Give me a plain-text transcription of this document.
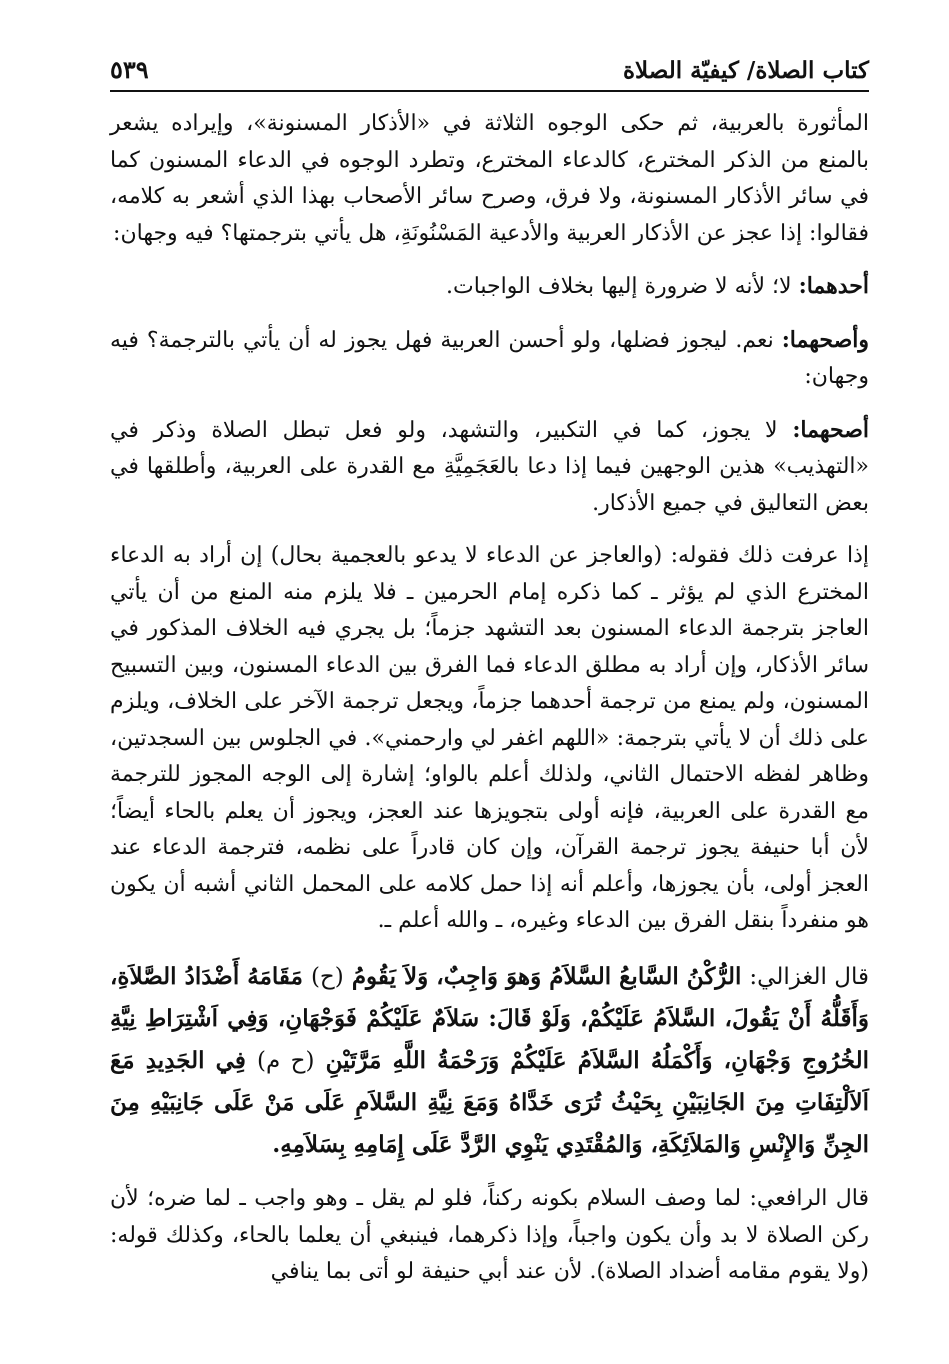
كتاب الصلاة/ كيفيّة الصلاة
٥٣٩

المأثورة بالعربية، ثم حكى الوجوه الثلاثة في «الأذكار المسنونة»، وإيراده يشعر بالمنع من الذكر المخترع، كالدعاء المخترع، وتطرد الوجوه في الدعاء المسنون كما في سائر الأذكار المسنونة، ولا فرق، وصرح سائر الأصحاب بهذا الذي أشعر به كلامه، فقالوا: إذا عجز عن الأذكار العربية والأدعية المَسْنُونَةِ، هل يأتي بترجمتها؟ فيه وجهان:

أحدهما: لا؛ لأنه لا ضرورة إليها بخلاف الواجبات.

وأصحهما: نعم. ليجوز فضلها، ولو أحسن العربية فهل يجوز له أن يأتي بالترجمة؟ فيه وجهان:

أصحهما: لا يجوز، كما في التكبير، والتشهد، ولو فعل تبطل الصلاة وذكر في «التهذيب» هذين الوجهين فيما إذا دعا بالعَجَمِيَّةِ مع القدرة على العربية، وأطلقها في بعض التعاليق في جميع الأذكار.

إذا عرفت ذلك فقوله: (والعاجز عن الدعاء لا يدعو بالعجمية بحال) إن أراد به الدعاء المخترع الذي لم يؤثر ـ كما ذكره إمام الحرمين ـ فلا يلزم منه المنع من أن يأتي العاجز بترجمة الدعاء المسنون بعد التشهد جزماً؛ بل يجري فيه الخلاف المذكور في سائر الأذكار، وإن أراد به مطلق الدعاء فما الفرق بين الدعاء المسنون، وبين التسبيح المسنون، ولم يمنع من ترجمة أحدهما جزماً، ويجعل ترجمة الآخر على الخلاف، ويلزم على ذلك أن لا يأتي بترجمة: «اللهم اغفر لي وارحمني». في الجلوس بين السجدتين، وظاهر لفظه الاحتمال الثاني، ولذلك أعلم بالواو؛ إشارة إلى الوجه المجوز للترجمة مع القدرة على العربية، فإنه أولى بتجويزها عند العجز، ويجوز أن يعلم بالحاء أيضاً؛ لأن أبا حنيفة يجوز ترجمة القرآن، وإن كان قادراً على نظمه، فترجمة الدعاء عند العجز أولى، بأن يجوزها، وأعلم أنه إذا حمل كلامه على المحمل الثاني أشبه أن يكون هو منفرداً بنقل الفرق بين الدعاء وغيره، ـ والله أعلم ـ.

قال الغزالي: الرُّكْنُ السَّابعُ السَّلاَمُ وَهوَ وَاجِبٌ، وَلاَ يَقُومُ (ح) مَقَامَهُ أَضْدَادُ الصَّلاَةِ، وَأَقَلُّهُ أَنْ يَقُولَ، السَّلاَمُ عَلَيْكُمْ، وَلَوْ قَالَ: سَلاَمٌ عَلَيْكُمْ فَوَجْهَانِ، وَفِي اَشْتِرَاطِ نِيَّةِ الخُرُوجِ وَجْهَانِ، وَأَكْمَلُهُ السَّلاَمُ عَلَيْكُمْ وَرَحْمَةُ اللَّهِ مَرَّتَيْنِ (ح م) فِي الجَدِيدِ مَعَ اَلاَلْتِفَاتِ مِنَ الجَانِبَيْنِ بِحَيْثُ تُرَى خَدَّاهُ وَمَعَ نِيَّةِ السَّلاَمِ عَلَى مَنْ عَلَى جَانِبَيْهِ مِنَ الجِنِّ وَالإِنْسِ وَالمَلاَئِكَةِ، وَالمُقْتَدِي يَنْوِي الرَّدَّ عَلَى إِمَامِهِ بِسَلاَمِهِ.

قال الرافعي: لما وصف السلام بكونه ركناً، فلو لم يقل ـ وهو واجب ـ لما ضره؛ لأن ركن الصلاة لا بد وأن يكون واجباً، وإذا ذكرهما، فينبغي أن يعلما بالحاء، وكذلك قوله: (ولا يقوم مقامه أضداد الصلاة). لأن عند أبي حنيفة لو أتى بما ينافي
